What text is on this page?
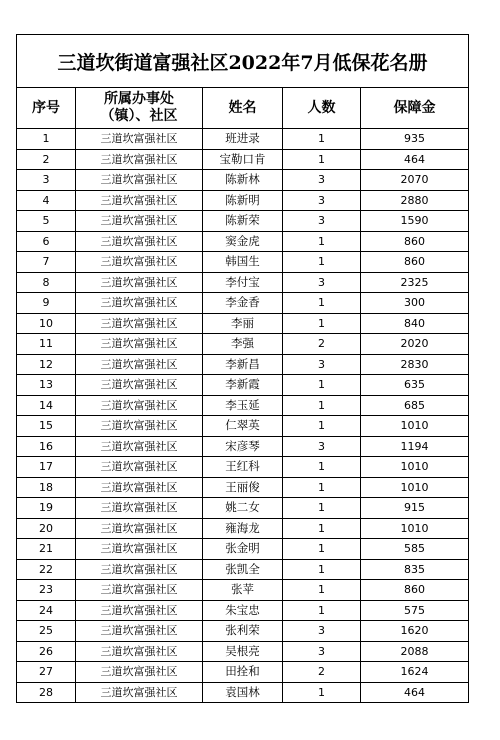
三道坎街道富强社区2022年7月低保花名册				
序号	所属办事处（镇）、社区	姓名	人数	保障金
1	三道坎富强社区	班进录	1	935
2	三道坎富强社区	宝勒口肯	1	464
3	三道坎富强社区	陈新林	3	2070
4	三道坎富强社区	陈新明	3	2880
5	三道坎富强社区	陈新荣	3	1590
6	三道坎富强社区	窦金虎	1	860
7	三道坎富强社区	韩国生	1	860
8	三道坎富强社区	李付宝	3	2325
9	三道坎富强社区	李金香	1	300
10	三道坎富强社区	李丽	1	840
11	三道坎富强社区	李强	2	2020
12	三道坎富强社区	李新昌	3	2830
13	三道坎富强社区	李新霞	1	635
14	三道坎富强社区	李玉延	1	685
15	三道坎富强社区	仁翠英	1	1010
16	三道坎富强社区	宋彦琴	3	1194
17	三道坎富强社区	王红科	1	1010
18	三道坎富强社区	王丽俊	1	1010
19	三道坎富强社区	姚二女	1	915
20	三道坎富强社区	雍海龙	1	1010
21	三道坎富强社区	张金明	1	585
22	三道坎富强社区	张凯全	1	835
23	三道坎富强社区	张苹	1	860
24	三道坎富强社区	朱宝忠	1	575
25	三道坎富强社区	张利荣	3	1620
26	三道坎富强社区	吴根亮	3	2088
27	三道坎富强社区	田拴和	2	1624
28	三道坎富强社区	袁国林	1	464
